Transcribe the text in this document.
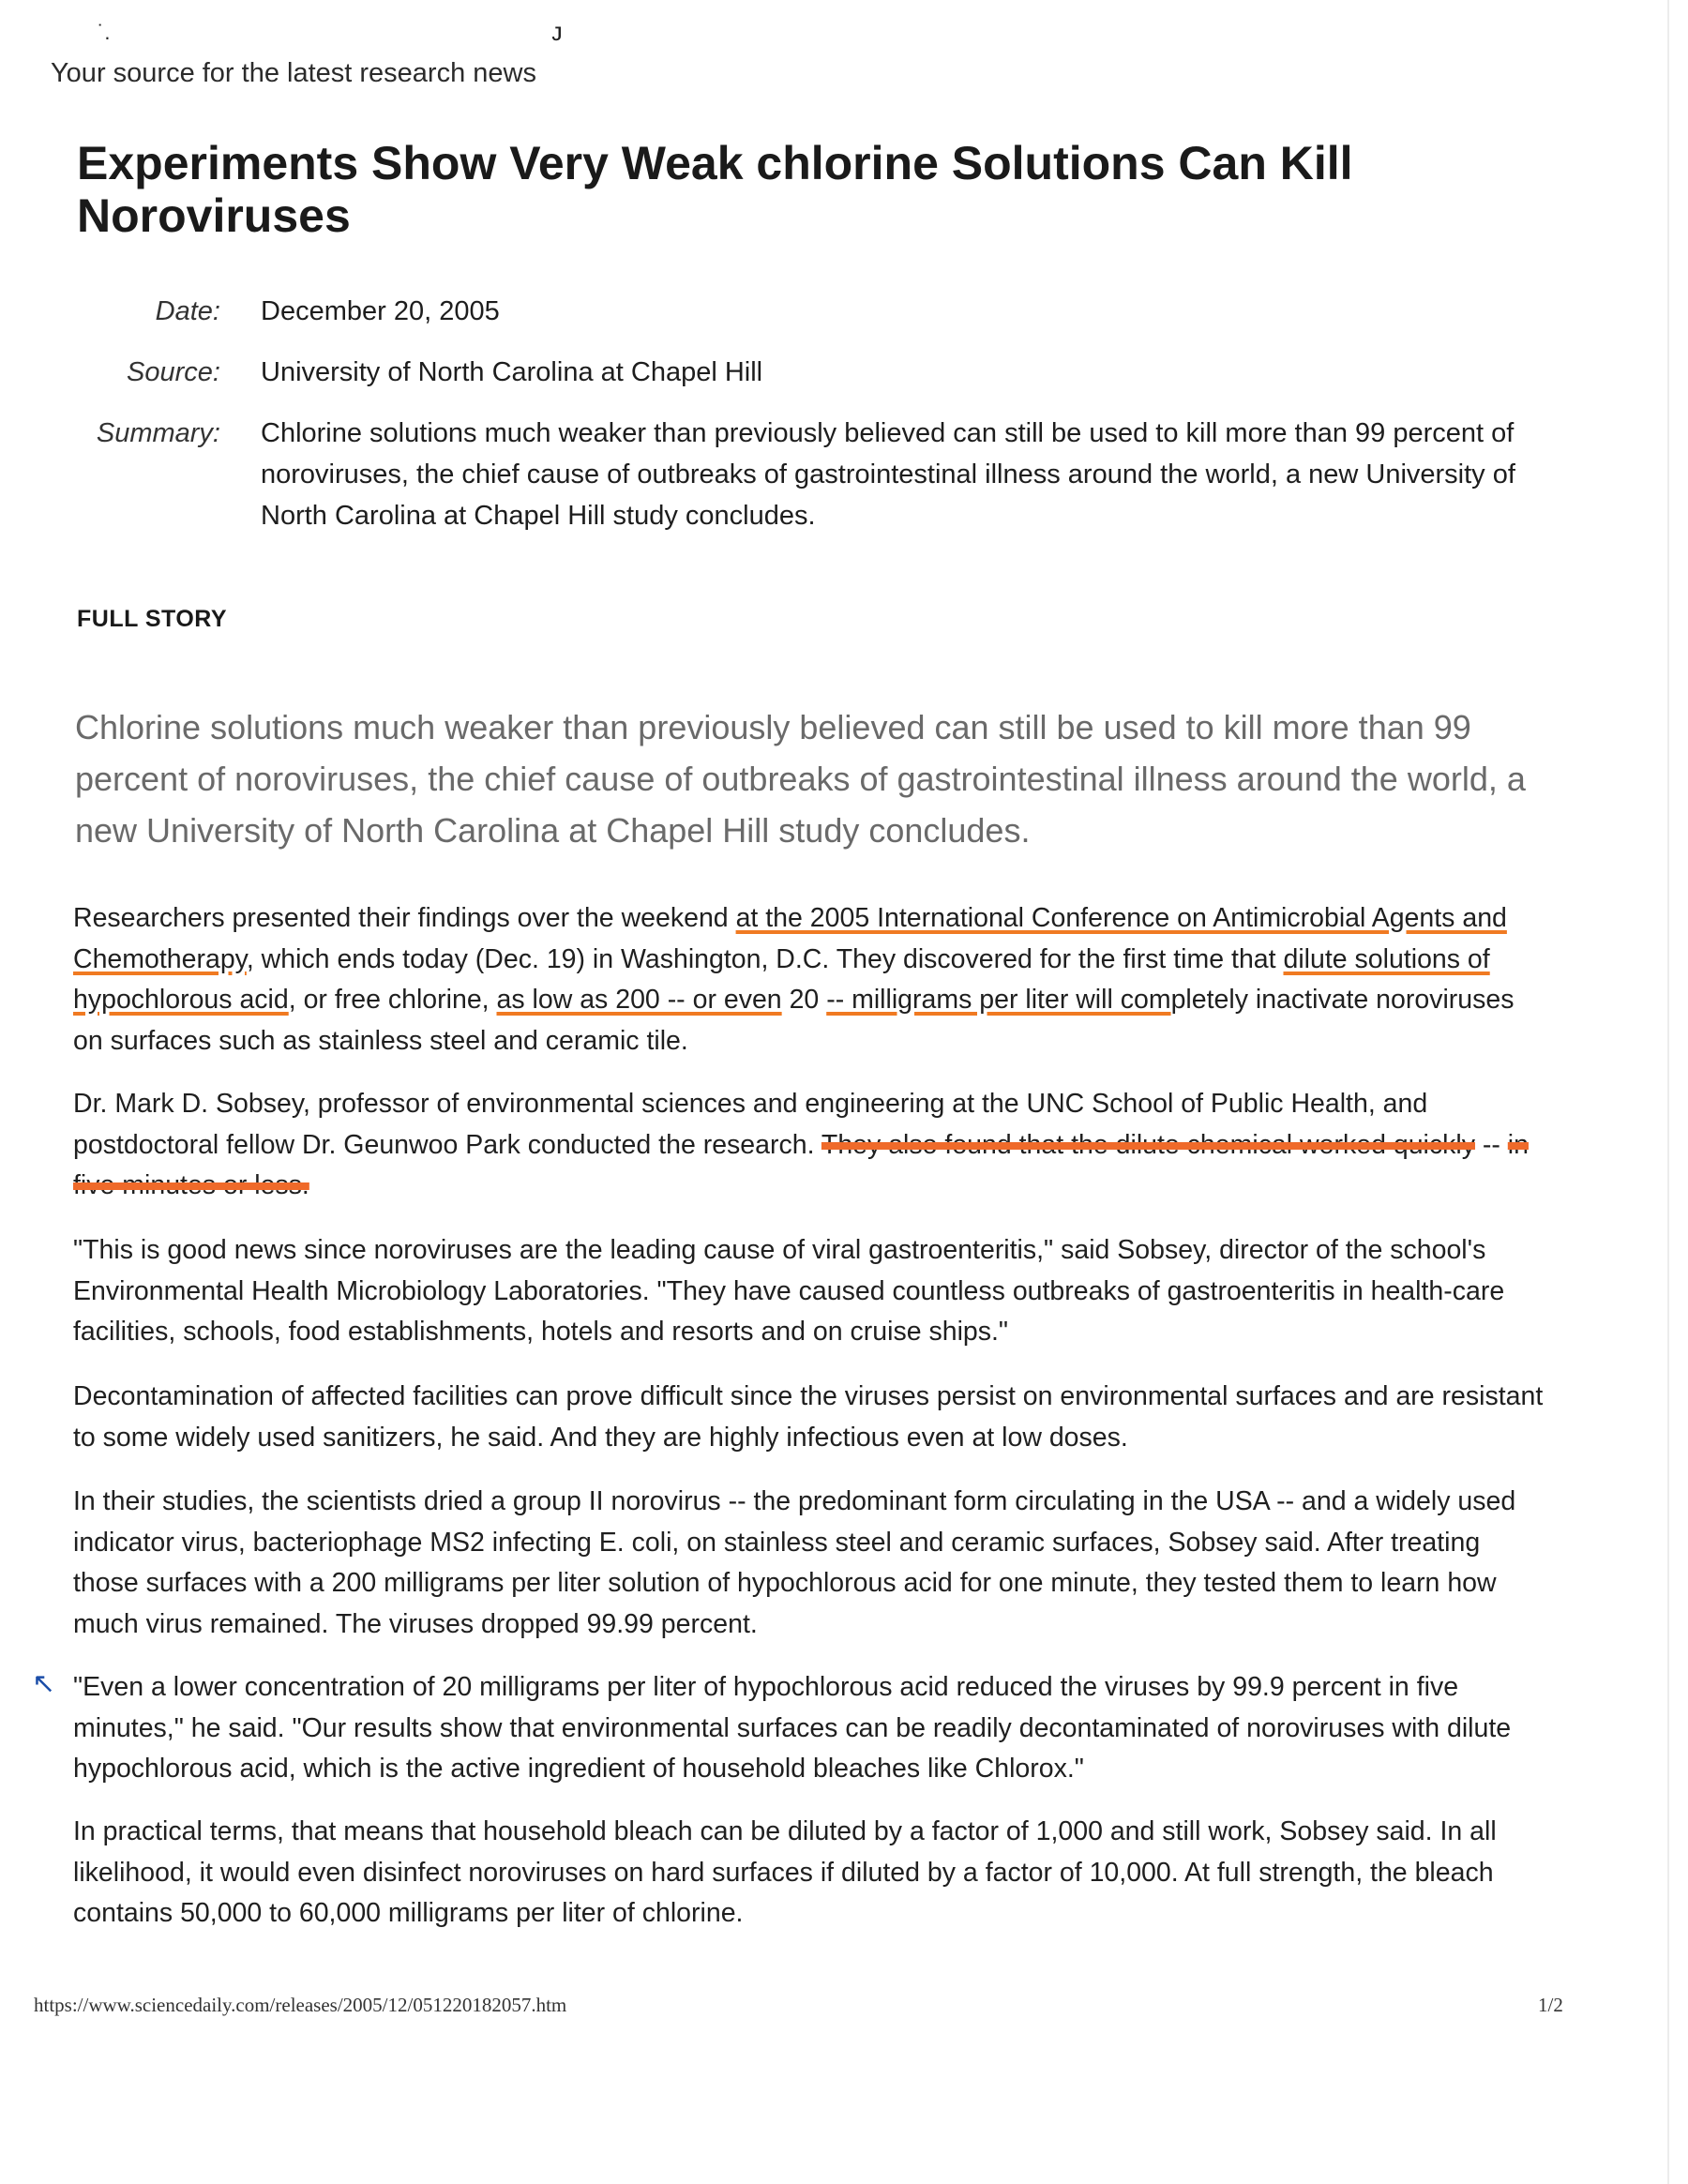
˙.	ᴊ
Your source for the latest research news
Experiments Show Very Weak chlorine Solutions Can Kill Noroviruses
Date: December 20, 2005
Source: University of North Carolina at Chapel Hill
Summary: Chlorine solutions much weaker than previously believed can still be used to kill more than 99 percent of noroviruses, the chief cause of outbreaks of gastrointestinal illness around the world, a new University of North Carolina at Chapel Hill study concludes.
FULL STORY

Chlorine solutions much weaker than previously believed can still be used to kill more than 99 percent of noroviruses, the chief cause of outbreaks of gastrointestinal illness around the world, a new University of North Carolina at Chapel Hill study concludes.

Researchers presented their findings over the weekend at the 2005 International Conference on Antimicrobial Agents and Chemotherapy, which ends today (Dec. 19) in Washington, D.C. They discovered for the first time that dilute solutions of hypochlorous acid, or free chlorine, as low as 200 -- or even 20 -- milligrams per liter will completely inactivate noroviruses on surfaces such as stainless steel and ceramic tile.

Dr. Mark D. Sobsey, professor of environmental sciences and engineering at the UNC School of Public Health, and postdoctoral fellow Dr. Geunwoo Park conducted the research. They also found that the dilute chemical worked quickly -- in five minutes or less.

"This is good news since noroviruses are the leading cause of viral gastroenteritis," said Sobsey, director of the school's Environmental Health Microbiology Laboratories. "They have caused countless outbreaks of gastroenteritis in health-care facilities, schools, food establishments, hotels and resorts and on cruise ships."

Decontamination of affected facilities can prove difficult since the viruses persist on environmental surfaces and are resistant to some widely used sanitizers, he said. And they are highly infectious even at low doses.

In their studies, the scientists dried a group II norovirus -- the predominant form circulating in the USA -- and a widely used indicator virus, bacteriophage MS2 infecting E. coli, on stainless steel and ceramic surfaces, Sobsey said. After treating those surfaces with a 200 milligrams per liter solution of hypochlorous acid for one minute, they tested them to learn how much virus remained. The viruses dropped 99.99 percent.

↖ "Even a lower concentration of 20 milligrams per liter of hypochlorous acid reduced the viruses by 99.9 percent in five minutes," he said. "Our results show that environmental surfaces can be readily decontaminated of noroviruses with dilute hypochlorous acid, which is the active ingredient of household bleaches like Chlorox."

In practical terms, that means that household bleach can be diluted by a factor of 1,000 and still work, Sobsey said. In all likelihood, it would even disinfect noroviruses on hard surfaces if diluted by a factor of 10,000. At full strength, the bleach contains 50,000 to 60,000 milligrams per liter of chlorine.

https://www.sciencedaily.com/releases/2005/12/051220182057.htm	1/2
